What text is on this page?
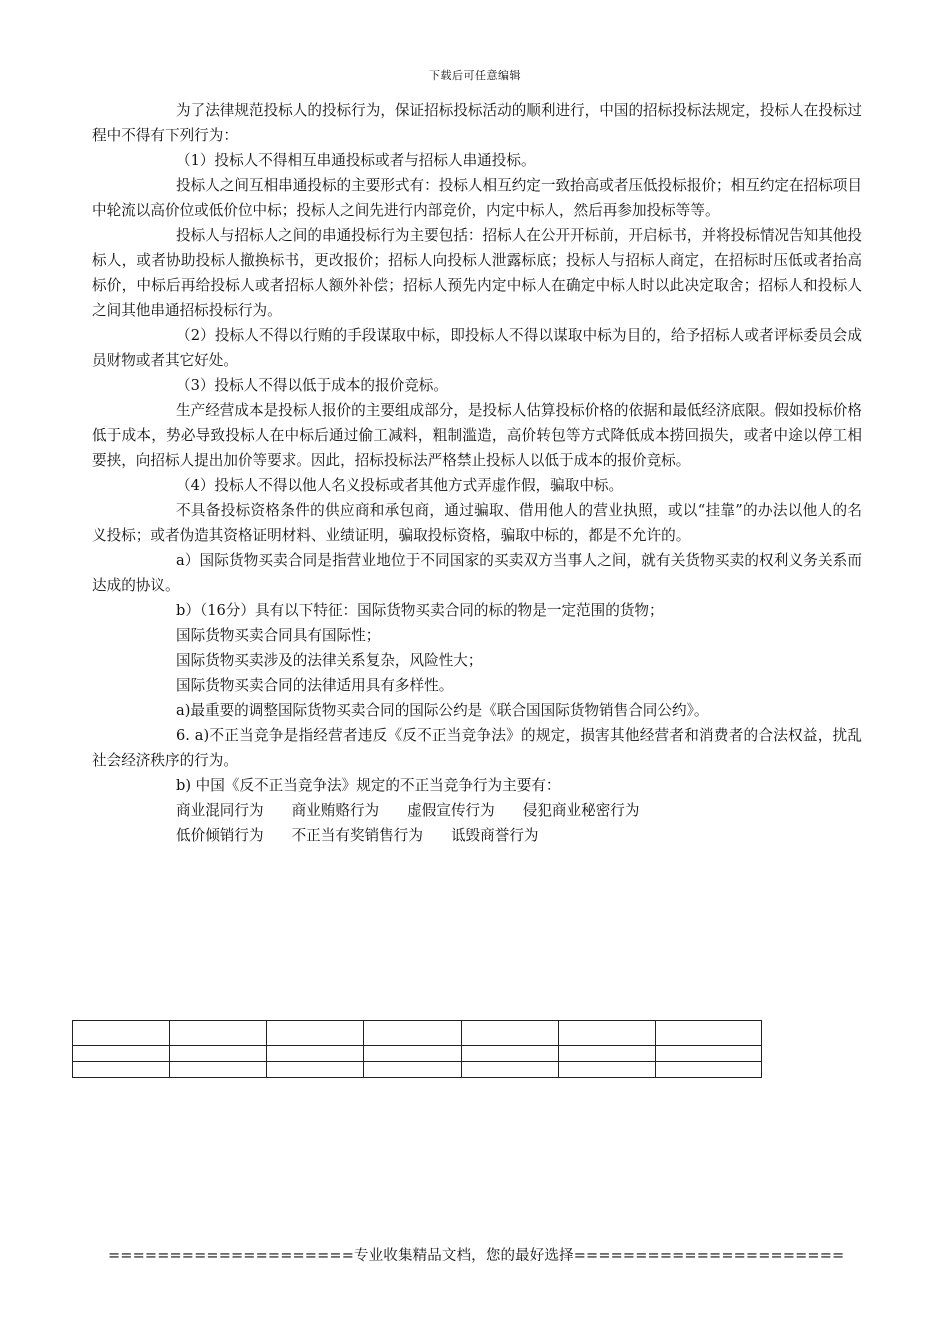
下载后可任意编辑

为了法律规范投标人的投标行为，保证招标投标活动的顺利进行，中国的招标投标法规定，投标人在投标过程中不得有下列行为：

（1）投标人不得相互串通投标或者与招标人串通投标。

投标人之间互相串通投标的主要形式有：投标人相互约定一致抬高或者压低投标报价；相互约定在招标项目中轮流以高价位或低价位中标；投标人之间先进行内部竞价，内定中标人，然后再参加投标等等。

投标人与招标人之间的串通投标行为主要包括：招标人在公开开标前，开启标书，并将投标情况告知其他投标人，或者协助投标人撤换标书，更改报价；招标人向投标人泄露标底；投标人与招标人商定，在招标时压低或者抬高标价，中标后再给投标人或者招标人额外补偿；招标人预先内定中标人在确定中标人时以此决定取舍；招标人和投标人之间其他串通招标投标行为。

（2）投标人不得以行贿的手段谋取中标，即投标人不得以谋取中标为目的，给予招标人或者评标委员会成员财物或者其它好处。

（3）投标人不得以低于成本的报价竞标。

生产经营成本是投标人报价的主要组成部分，是投标人估算投标价格的依据和最低经济底限。假如投标价格低于成本，势必导致投标人在中标后通过偷工减料，粗制滥造，高价转包等方式降低成本捞回损失，或者中途以停工相要挟，向招标人提出加价等要求。因此，招标投标法严格禁止投标人以低于成本的报价竞标。

（4）投标人不得以他人名义投标或者其他方式弄虚作假，骗取中标。

不具备投标资格条件的供应商和承包商，通过骗取、借用他人的营业执照，或以“挂靠”的办法以他人的名义投标；或者伪造其资格证明材料、业绩证明，骗取投标资格，骗取中标的，都是不允许的。

a）国际货物买卖合同是指营业地位于不同国家的买卖双方当事人之间，就有关货物买卖的权利义务关系而达成的协议。

b）（16分）具有以下特征：国际货物买卖合同的标的物是一定范围的货物；

国际货物买卖合同具有国际性；

国际货物买卖涉及的法律关系复杂，风险性大；

国际货物买卖合同的法律适用具有多样性。

a)最重要的调整国际货物买卖合同的国际公约是《联合国国际货物销售合同公约》。

6. a)不正当竞争是指经营者违反《反不正当竞争法》的规定，损害其他经营者和消费者的合法权益，扰乱社会经济秩序的行为。

b) 中国《反不正当竞争法》规定的不正当竞争行为主要有：

商业混同行为 商业贿赂行为 虚假宣传行为 侵犯商业秘密行为

低价倾销行为 不正当有奖销售行为 诋毁商誉行为

====================专业收集精品文档，您的最好选择======================
